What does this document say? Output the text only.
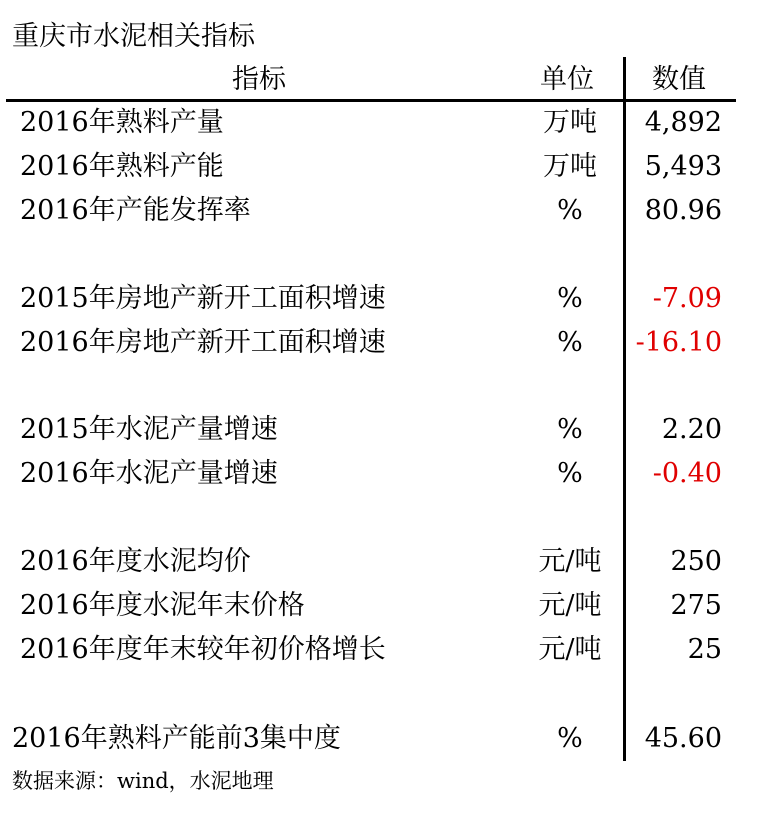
重庆市水泥相关指标
指标	单位 数值
2016年熟料产量	万吨	4,892
2016年熟料产能	万吨	5,493
2016年产能发挥率	%	80.96
2015年房地产新开工面积增速	%	-7.09
2016年房地产新开工面积增速	%	-16.10
2015年水泥产量增速	%	2.20
2016年水泥产量增速	%	-0.40
2016年度水泥均价	元/吨	250
2016年度水泥年末价格	元/吨	275
2016年度年末较年初价格增长	元/吨	25
2016年熟料产能前3集中度	%	45.60
数据来源：wind，水泥地理
